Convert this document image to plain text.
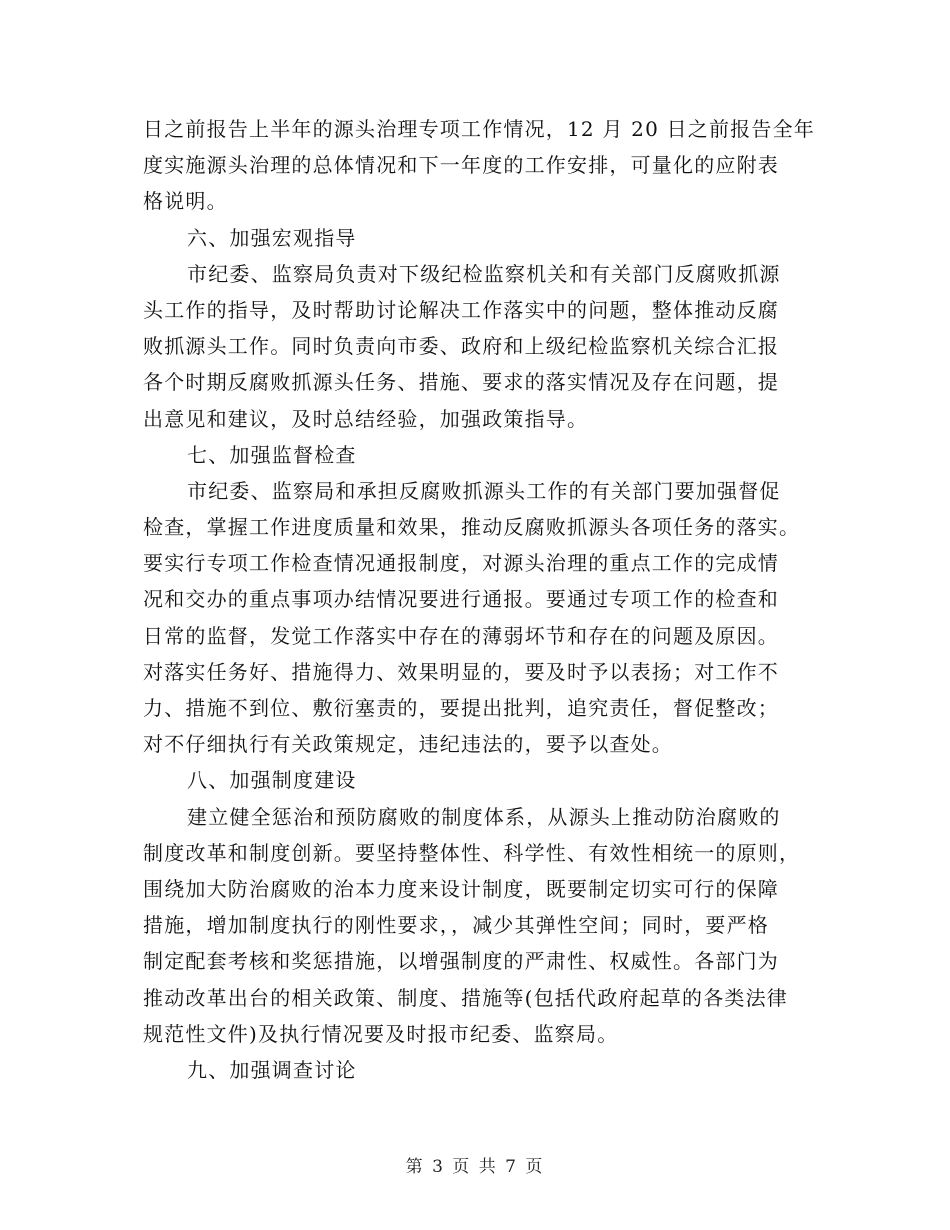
日之前报告上半年的源头治理专项工作情况，12 月 20 日之前报告全年
度实施源头治理的总体情况和下一年度的工作安排，可量化的应附表
格说明。
六、加强宏观指导
市纪委、监察局负责对下级纪检监察机关和有关部门反腐败抓源
头工作的指导，及时帮助讨论解决工作落实中的问题，整体推动反腐
败抓源头工作。同时负责向市委、政府和上级纪检监察机关综合汇报
各个时期反腐败抓源头任务、措施、要求的落实情况及存在问题，提
出意见和建议，及时总结经验，加强政策指导。
七、加强监督检查
市纪委、监察局和承担反腐败抓源头工作的有关部门要加强督促
检查，掌握工作进度质量和效果，推动反腐败抓源头各项任务的落实。
要实行专项工作检查情况通报制度，对源头治理的重点工作的完成情
况和交办的重点事项办结情况要进行通报。要通过专项工作的检查和
日常的监督，发觉工作落实中存在的薄弱坏节和存在的问题及原因。
对落实任务好、措施得力、效果明显的，要及时予以表扬；对工作不
力、措施不到位、敷衍塞责的，要提出批判，追究责任，督促整改；
对不仔细执行有关政策规定，违纪违法的，要予以查处。
八、加强制度建设
建立健全惩治和预防腐败的制度体系，从源头上推动防治腐败的
制度改革和制度创新。要坚持整体性、科学性、有效性相统一的原则，
围绕加大防治腐败的治本力度来设计制度，既要制定切实可行的保障
措施，增加制度执行的刚性要求，，减少其弹性空间；同时，要严格
制定配套考核和奖惩措施，以增强制度的严肃性、权威性。各部门为
推动改革出台的相关政策、制度、措施等(包括代政府起草的各类法律
规范性文件)及执行情况要及时报市纪委、监察局。
九、加强调查讨论
第 3 页 共 7 页
